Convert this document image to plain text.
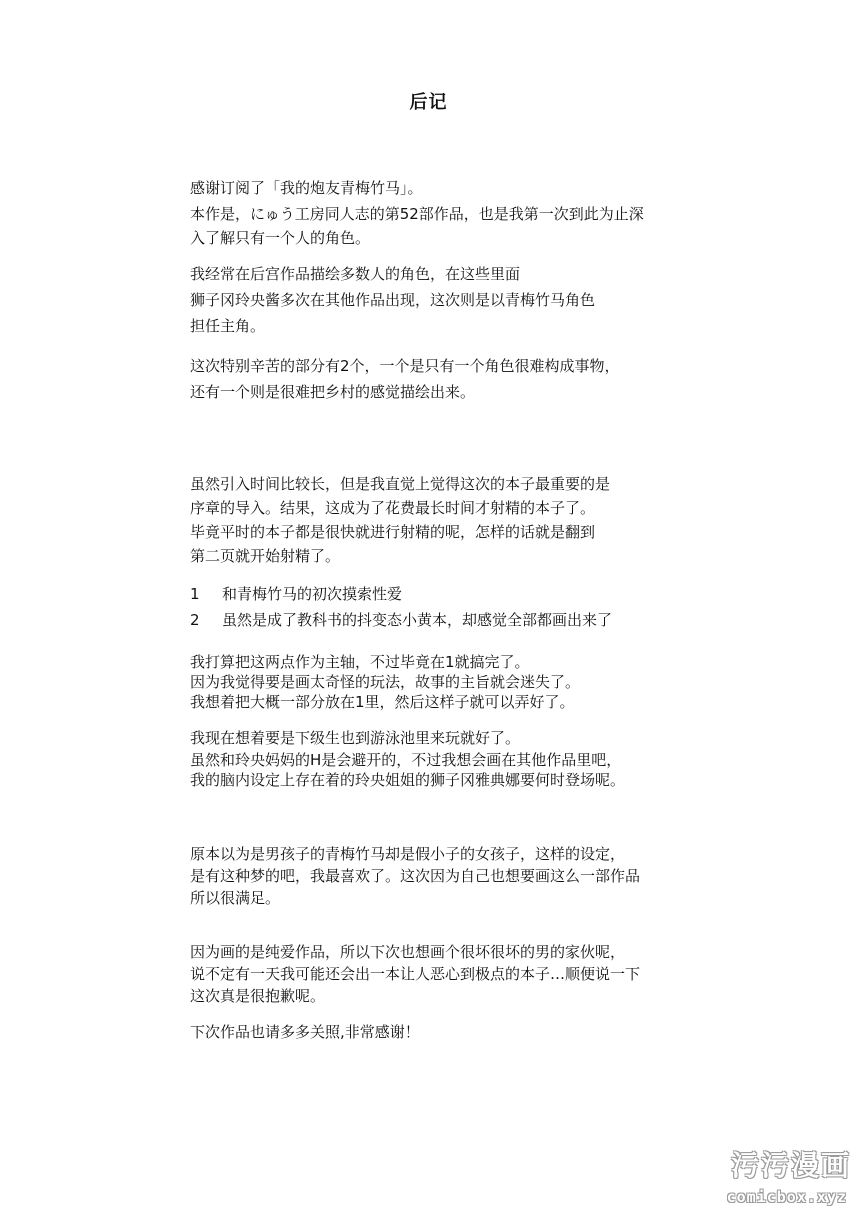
后记
感谢订阅了「我的炮友青梅竹马」。
本作是，にゅう工房同人志的第52部作品，也是我第一次到此为止深
入了解只有一个人的角色。
我经常在后宫作品描绘多数人的角色，在这些里面
狮子冈玲央酱多次在其他作品出现，这次则是以青梅竹马角色
担任主角。
这次特别辛苦的部分有2个，一个是只有一个角色很难构成事物，
还有一个则是很难把乡村的感觉描绘出来。
虽然引入时间比较长，但是我直觉上觉得这次的本子最重要的是
序章的导入。结果，这成为了花费最长时间才射精的本子了。
毕竟平时的本子都是很快就进行射精的呢，怎样的话就是翻到
第二页就开始射精了。
1 和青梅竹马的初次摸索性爱
2 虽然是成了教科书的抖变态小黄本，却感觉全部都画出来了
我打算把这两点作为主轴，不过毕竟在1就搞完了。
因为我觉得要是画太奇怪的玩法，故事的主旨就会迷失了。
我想着把大概一部分放在1里，然后这样子就可以弄好了。
我现在想着要是下级生也到游泳池里来玩就好了。
虽然和玲央妈妈的H是会避开的，不过我想会画在其他作品里吧，
我的脑内设定上存在着的玲央姐姐的狮子冈雅典娜要何时登场呢。
原本以为是男孩子的青梅竹马却是假小子的女孩子，这样的设定，
是有这种梦的吧，我最喜欢了。这次因为自己也想要画这么一部作品
所以很满足。
因为画的是纯爱作品，所以下次也想画个很坏很坏的男的家伙呢，
说不定有一天我可能还会出一本让人恶心到极点的本子…顺便说一下
这次真是很抱歉呢。
下次作品也请多多关照,非常感谢！
污污漫画
comicbox.xyz
